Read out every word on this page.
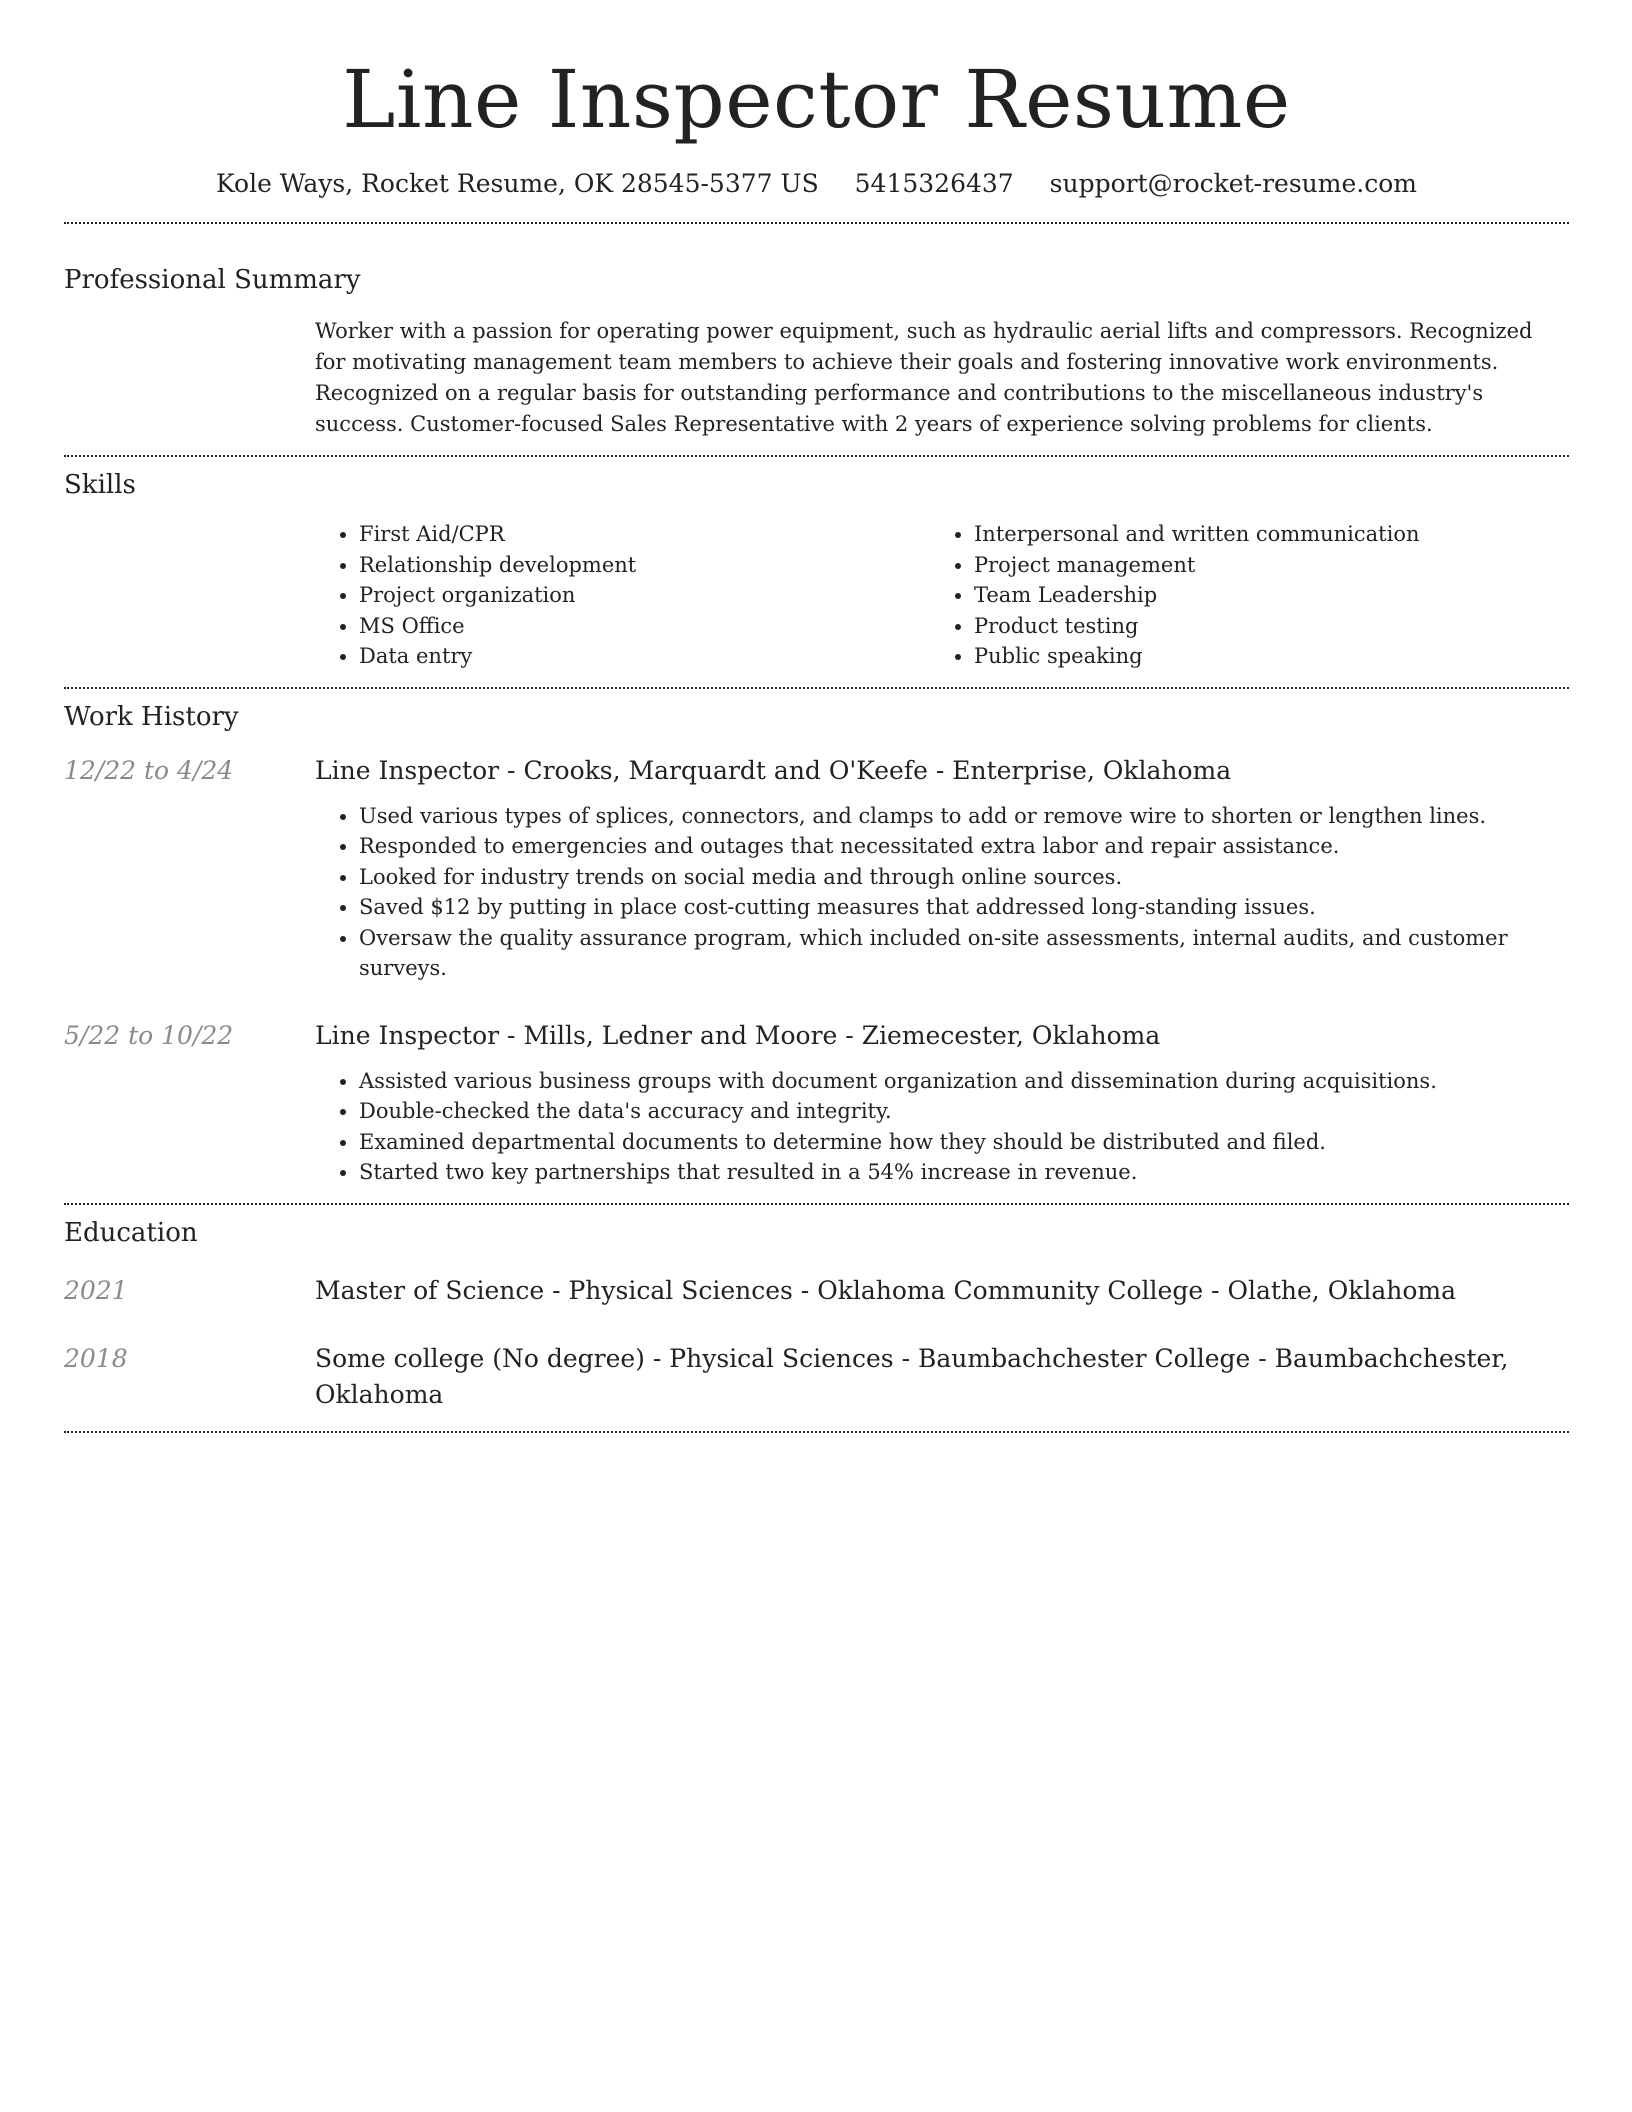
Line Inspector Resume
Kole Ways, Rocket Resume, OK 28545-5377 US 5415326437 support@rocket-resume.com
Professional Summary

Worker with a passion for operating power equipment, such as hydraulic aerial lifts and compressors. Recognized for motivating management team members to achieve their goals and fostering innovative work environments. Recognized on a regular basis for outstanding performance and contributions to the miscellaneous industry's success. Customer-focused Sales Representative with 2 years of experience solving problems for clients.

Skills
• First Aid/CPR
• Relationship development
• Project organization
• MS Office
• Data entry
• Interpersonal and written communication
• Project management
• Team Leadership
• Product testing
• Public speaking
Work History
12/22 to 4/24	Line Inspector - Crooks, Marquardt and O'Keefe - Enterprise, Oklahoma
• Used various types of splices, connectors, and clamps to add or remove wire to shorten or lengthen lines.
• Responded to emergencies and outages that necessitated extra labor and repair assistance.
• Looked for industry trends on social media and through online sources.
• Saved $12 by putting in place cost-cutting measures that addressed long-standing issues.
• Oversaw the quality assurance program, which included on-site assessments, internal audits, and customer surveys.
5/22 to 10/22	Line Inspector - Mills, Ledner and Moore - Ziemecester, Oklahoma
• Assisted various business groups with document organization and dissemination during acquisitions.
• Double-checked the data's accuracy and integrity.
• Examined departmental documents to determine how they should be distributed and filed.
• Started two key partnerships that resulted in a 54% increase in revenue.
Education
2021	Master of Science - Physical Sciences - Oklahoma Community College - Olathe, Oklahoma
2018	Some college (No degree) - Physical Sciences - Baumbachchester College - Baumbachchester, Oklahoma
